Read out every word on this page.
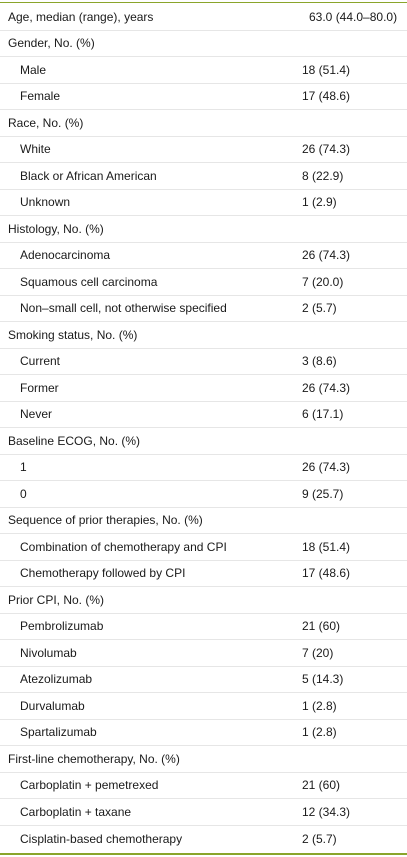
Age, median (range), years	63.0 (44.0–80.0)
Gender, No. (%)
Male	18 (51.4)
Female	17 (48.6)
Race, No. (%)
White	26 (74.3)
Black or African American	8 (22.9)
Unknown	1 (2.9)
Histology, No. (%)
Adenocarcinoma	26 (74.3)
Squamous cell carcinoma	7 (20.0)
Non–small cell, not otherwise specified	2 (5.7)
Smoking status, No. (%)
Current	3 (8.6)
Former	26 (74.3)
Never	6 (17.1)
Baseline ECOG, No. (%)
1	26 (74.3)
0	9 (25.7)
Sequence of prior therapies, No. (%)
Combination of chemotherapy and CPI	18 (51.4)
Chemotherapy followed by CPI	17 (48.6)
Prior CPI, No. (%)
Pembrolizumab	21 (60)
Nivolumab	7 (20)
Atezolizumab	5 (14.3)
Durvalumab	1 (2.8)
Spartalizumab	1 (2.8)
First-line chemotherapy, No. (%)
Carboplatin + pemetrexed	21 (60)
Carboplatin + taxane	12 (34.3)
Cisplatin-based chemotherapy	2 (5.7)
